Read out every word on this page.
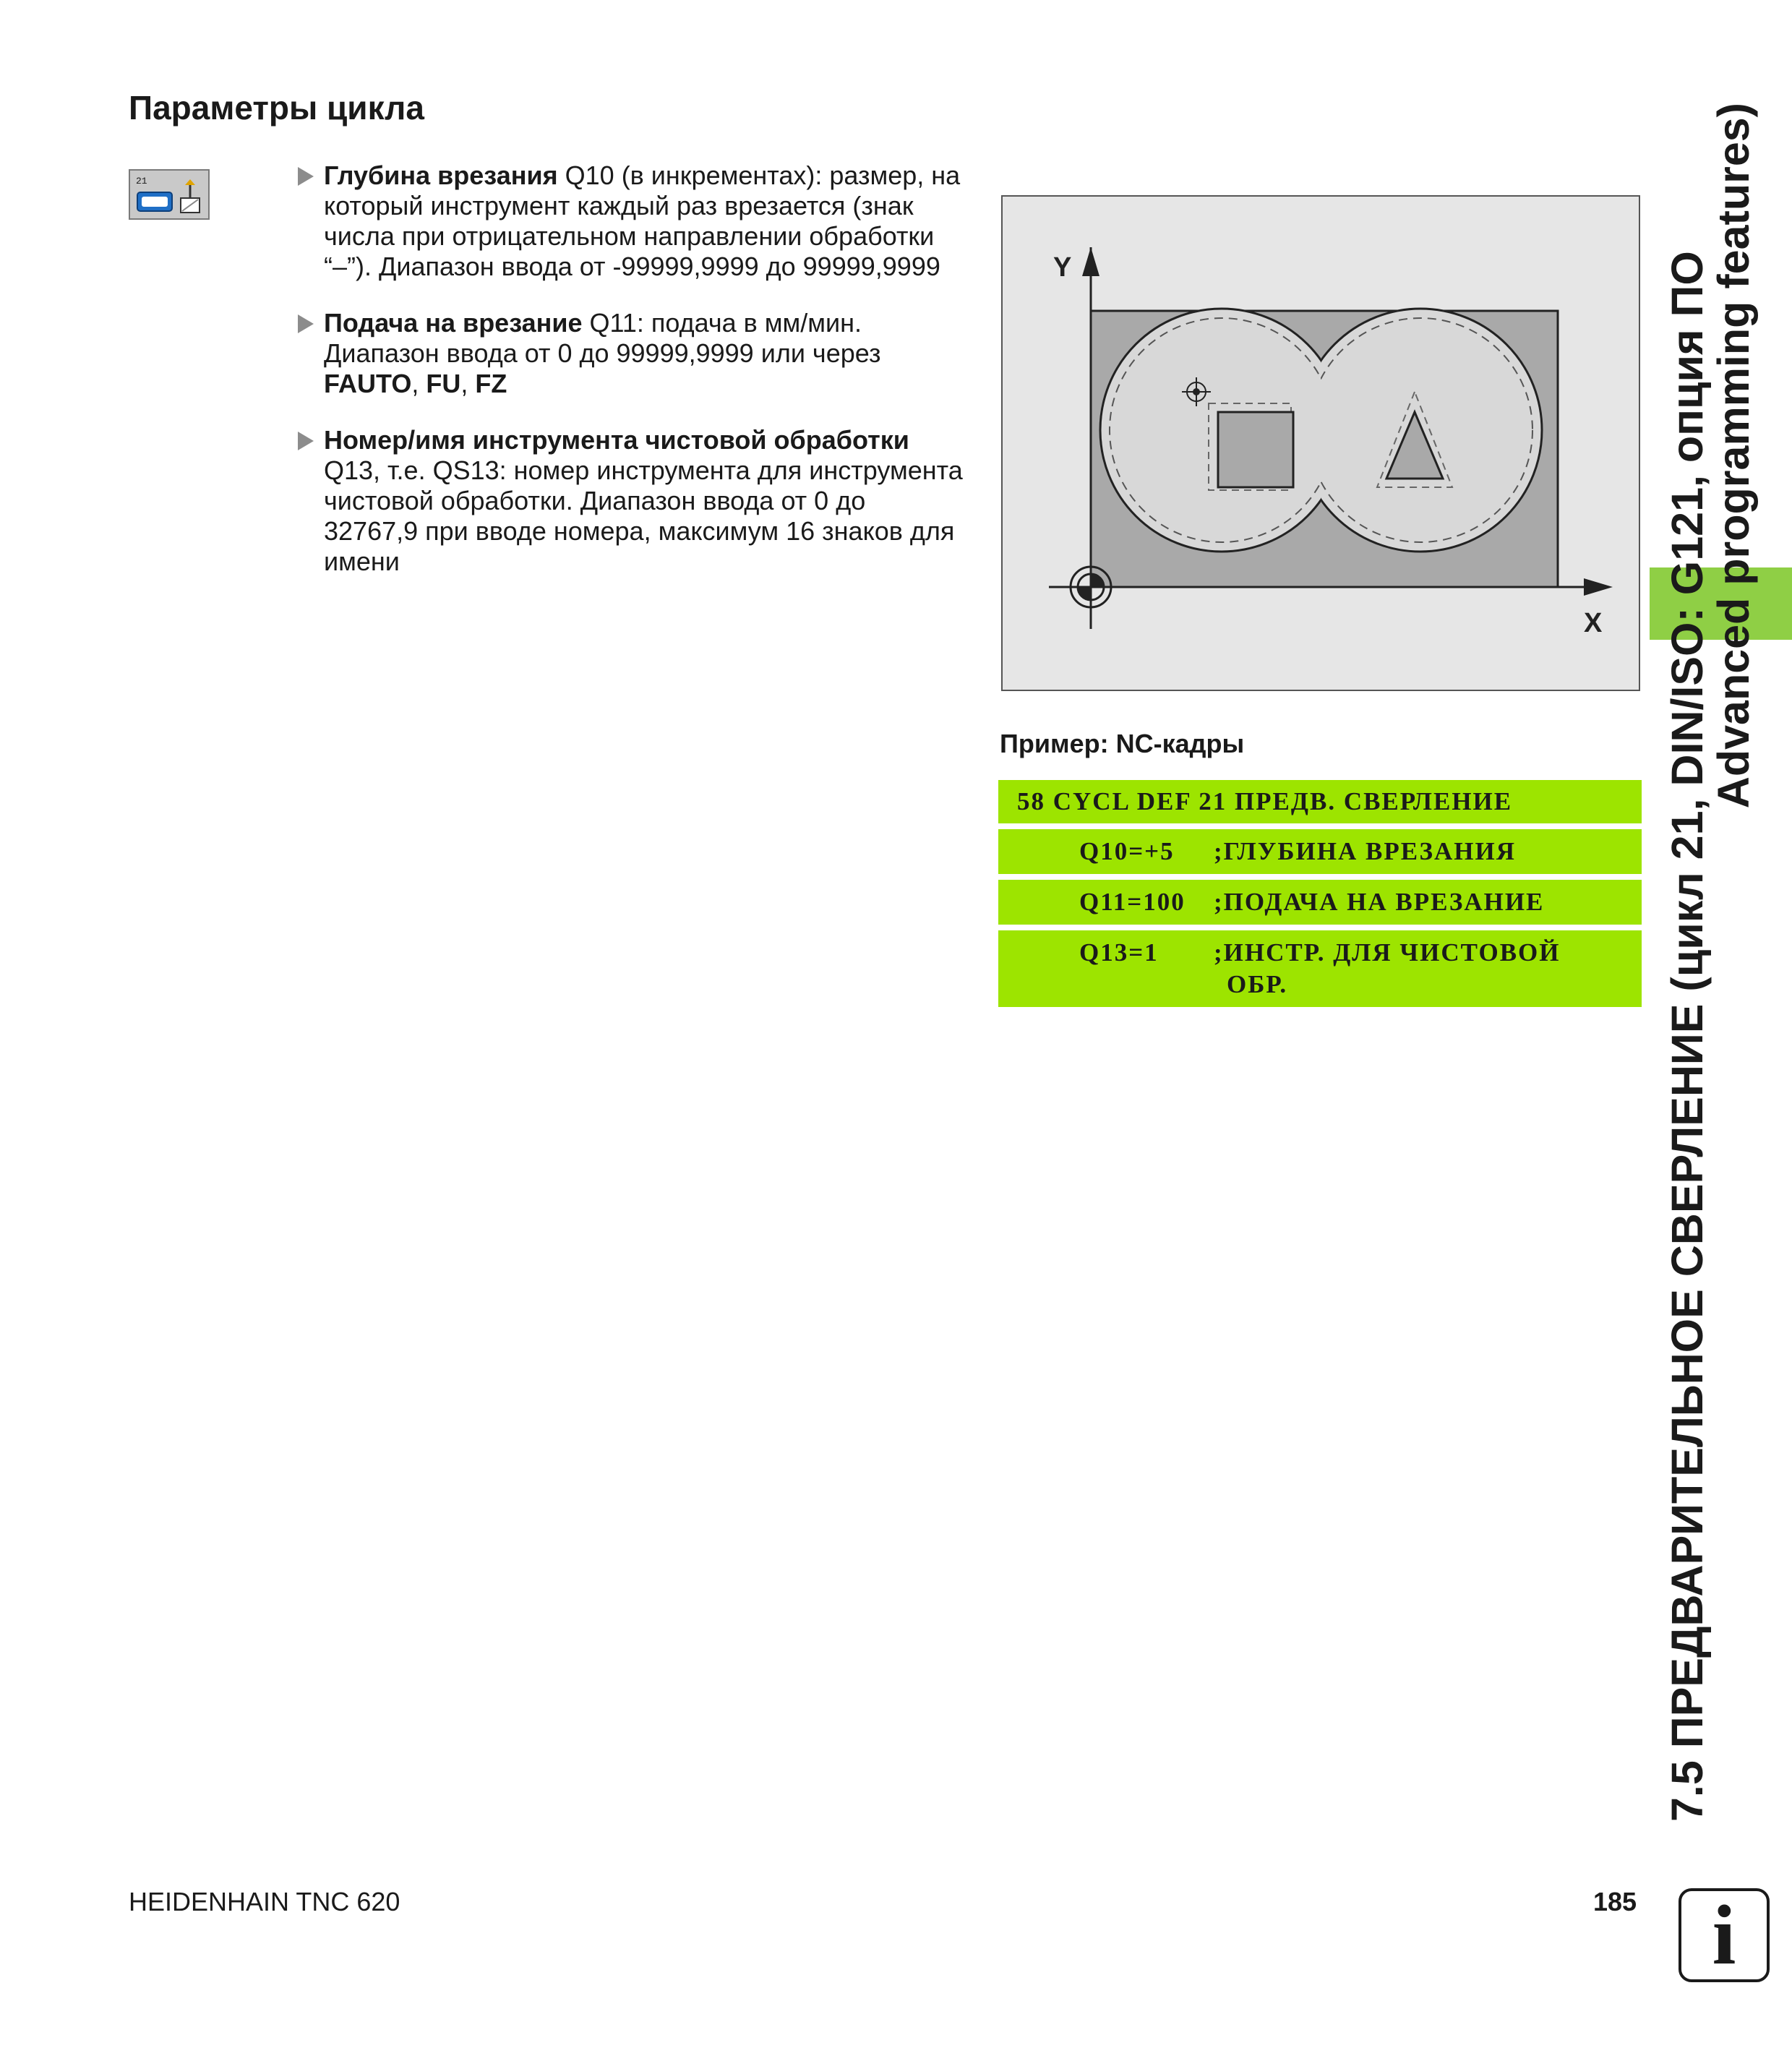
Параметры цикла
21	Глубина врезания Q10 (в инкрементах): размер, на который инструмент каждый раз врезается (знак числа при отрицательном направлении обработки “–”). Диапазон ввода от -99999,9999 до 99999,9999

Подача на врезание Q11: подача в мм/мин. Диапазон ввода от 0 до 99999,9999 или через FAUTO, FU, FZ

Номер/имя инструмента чистовой обработки Q13, т.е. QS13: номер инструмента для инструмента чистовой обработки. Диапазон ввода от 0 до 32767,9 при вводе номера, максимум 16 знаков для имени

Y
X
Пример: NC-кадры
58 CYCL DEF 21 ПРЕДВ. СВЕРЛЕНИЕ
Q10=+5	;ГЛУБИНА ВРЕЗАНИЯ
Q11=100	;ПОДАЧА НА ВРЕЗАНИЕ
Q13=1	;ИНСТР. ДЛЯ ЧИСТОВОЙ
ОБР.	7.5 ПРЕДВАРИТЕЛЬНОЕ СВЕРЛЕНИЕ (цикл 21, DIN/ISO: G121, опция ПО
Advanced programming features)
HEIDENHAIN TNC 620	185 i
